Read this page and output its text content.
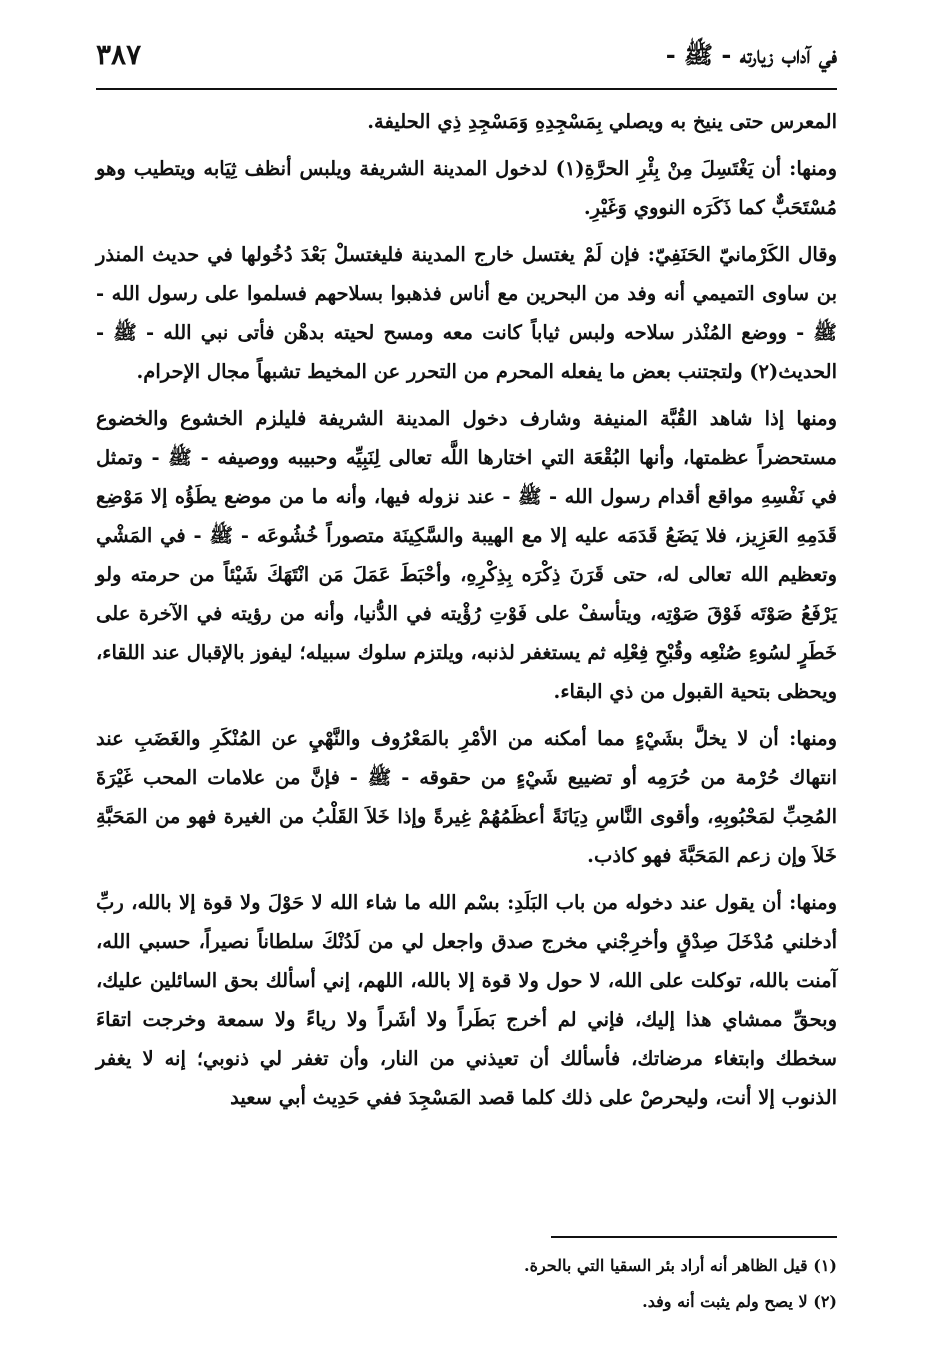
في آداب زيارته - ﷺ -
٣٨٧

المعرس حتى ينيخ به ويصلي بِمَسْجِدِهِ وَمَسْجِدِ ذِي الحليفة.

ومنها: أن يَغْتَسِلَ مِنْ بِئْرِ الحرَّةِ(١) لدخول المدينة الشريفة ويلبس أنظف ثِيَابه ويتطيب وهو مُسْتَحَبٌّ كما ذَكَرَه النووي وَغَيْرِ.

وقال الكَرْمانيّ الحَنَفِيّ: فإن لَمْ يغتسل خارج المدينة فليغتسلْ بَعْدَ دُخُولها في حديث المنذر بن ساوى التميمي أنه وفد من البحرين مع أناس فذهبوا بسلاحهم فسلموا على رسول الله - ﷺ - ووضع المُنْذر سلاحه ولبس ثياباً كانت معه ومسح لحيته بدهْن فأتى نبي الله - ﷺ - الحديث(٢) ولتجتنب بعض ما يفعله المحرم من التحرر عن المخيط تشبهاً مجال الإحرام.

ومنها إذا شاهد القُبَّة المنيفة وشارف دخول المدينة الشريفة فليلزم الخشوع والخضوع مستحضراً عظمتها، وأنها البُقْعَة التي اختارها اللَّه تعالى لِنَبِيِّه وحبيبه ووصيفه - ﷺ - وتمثل في نَفْسِهِ مواقع أقدام رسول الله - ﷺ - عند نزوله فيها، وأنه ما من موضع يطَؤُه إلا مَوْضِع قَدَمِهِ العَزِيز، فلا يَضَعُ قَدَمَه عليه إلا مع الهيبة والسَّكِينَة متصوراً خُشُوعَه - ﷺ - في المَشْي وتعظيم الله تعالى له، حتى قَرَنَ ذِكْرَه بِذِكْرِهِ، وأحْبَطَ عَمَلَ مَن انْتَهَكَ شَيْئاً من حرمته ولو يَرْفَعُ صَوْتَه فَوْقَ صَوْتِه، ويتأسفْ على فَوْتِ رُؤْيته في الدُّنيا، وأنه من رؤيته في الآخرة على خَطَرٍ لسُوءِ صُنْعِه وقُبْحِ فِعْلِه ثم يستغفر لذنبه، ويلتزم سلوك سبيله؛ ليفوز بالإقبال عند اللقاء، ويحظى بتحية القبول من ذي البقاء.

ومنها: أن لا يخلَّ بشَيْءٍ مما أمكنه من الأمْرِ بالمَعْرُوف والنَّهْيِ عن المُنْكَرِ والغَضَبِ عند انتهاك حُرْمة من حُرَمِه أو تضييع شَيْءٍ من حقوقه - ﷺ - فإنَّ من علامات المحب غَيْرَةَ المُحِبِّ لمَحْبُوبِهِ، وأقوى النَّاسِ دِيَانَةً أعظَمُهُمْ غِيرةً وإذا خَلاَ القَلْبُ من الغيرة فهو من المَحَبَّةِ خَلاَ وإن زعم المَحَبَّةَ فهو كاذب.

ومنها: أن يقول عند دخوله من باب البَلَدِ: بسْم الله ما شاء الله لا حَوْلَ ولا قوة إلا بالله، ربِّ أدخلني مُدْخَلَ صِدْقٍ وأخرِجْني مخرج صدق واجعل لي من لَدُنْكَ سلطاناً نصيراً، حسبي الله، آمنت بالله، توكلت على الله، لا حول ولا قوة إلا بالله، اللهم، إني أسألك بحق السائلين عليك، وبحقِّ ممشاي هذا إليك، فإني لم أخرج بَطَراً ولا أشَراً ولا رياءً ولا سمعة وخرجت اتقاءَ سخطك وابتغاء مرضاتك، فأسألك أن تعيذني من النار، وأن تغفر لي ذنوبي؛ إنه لا يغفر الذنوب إلا أنت، وليحرصْ على ذلك كلما قصد المَسْجِدَ ففي حَدِيث أبي سعيد

(١) قيل الظاهر أنه أراد بئر السقيا التي بالحرة.

(٢) لا يصح ولم يثبت أنه وفد.
